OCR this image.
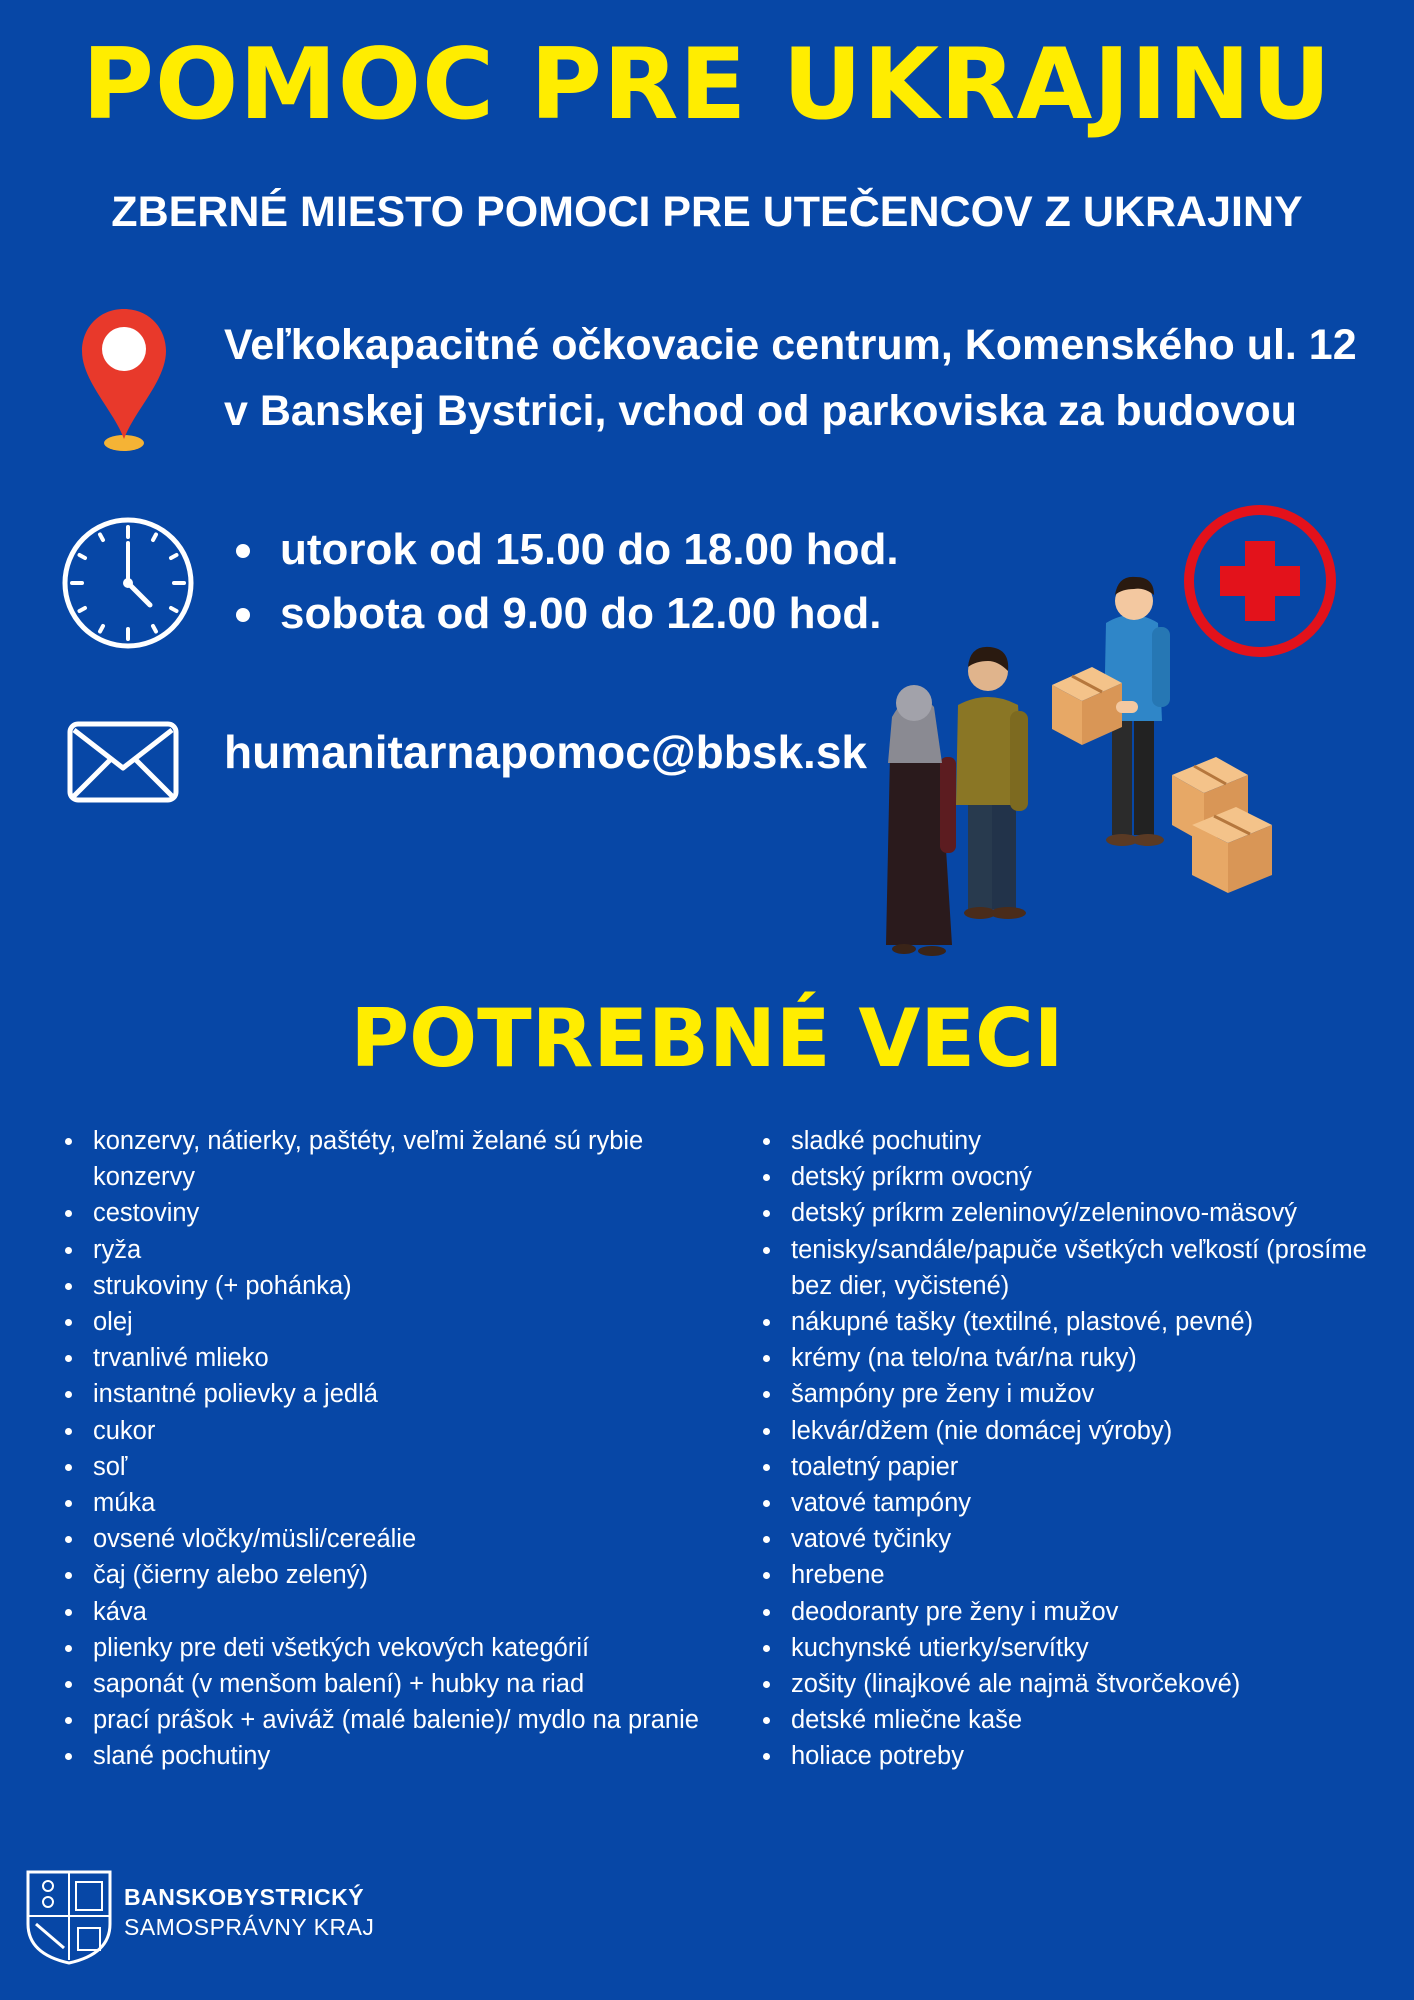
POMOC PRE UKRAJINU
ZBERNÉ MIESTO POMOCI PRE UTEČENCOV Z UKRAJINY
Veľkokapacitné očkovacie centrum, Komenského ul. 12
v Banskej Bystrici, vchod od parkoviska za budovou
utorok od 15.00 do 18.00 hod.
sobota od 9.00 do 12.00 hod.
humanitarnapomoc@bbsk.sk
POTREBNÉ VECI
konzervy, nátierky, paštéty, veľmi želané sú rybie konzervy
cestoviny
ryža
strukoviny (+ pohánka)
olej
trvanlivé mlieko
instantné polievky a jedlá
cukor
soľ
múka
ovsené vločky/müsli/cereálie
čaj (čierny alebo zelený)
káva
plienky pre deti všetkých vekových kategórií
saponát (v menšom balení) + hubky na riad
prací prášok + aviváž (malé balenie)/ mydlo na pranie
slané pochutiny
sladké pochutiny
detský príkrm ovocný
detský príkrm zeleninový/zeleninovo-mäsový
tenisky/sandále/papuče všetkých veľkostí (prosíme bez dier, vyčistené)
nákupné tašky (textilné, plastové, pevné)
krémy (na telo/na tvár/na ruky)
šampóny pre ženy i mužov
lekvár/džem (nie domácej výroby)
toaletný papier
vatové tampóny
vatové tyčinky
hrebene
deodoranty pre ženy i mužov
kuchynské utierky/servítky
zošity (linajkové ale najmä štvorčekové)
detské mliečne kaše
holiace potreby
BANSKOBYSTRICKÝ
SAMOSPRÁVNY KRAJ
